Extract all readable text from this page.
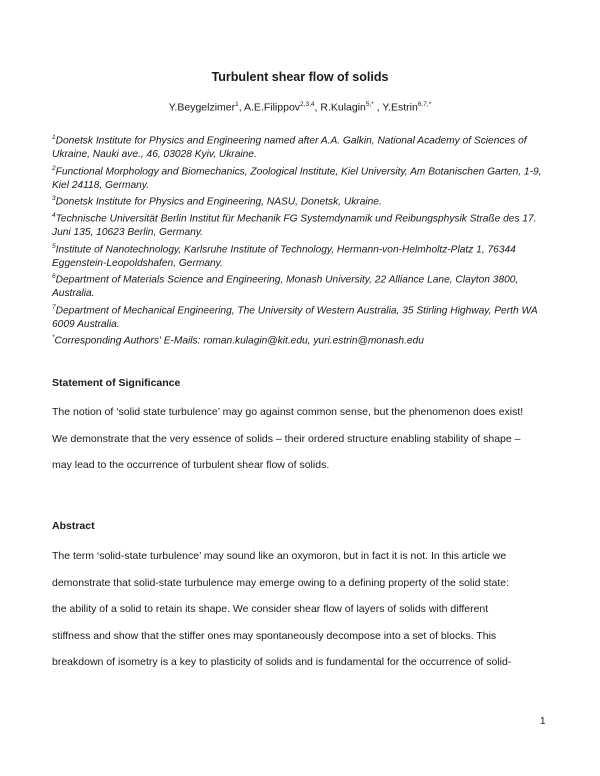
Turbulent shear flow of solids
Y.Beygelzimer$^1$, A.E.Filippov$^{2,3,4}$, R.Kulagin$^{5,*}$ , Y.Estrin$^{6,7,*}$

$^1$Donetsk Institute for Physics and Engineering named after A.A. Galkin, National Academy of Sciences of Ukraine, Nauki ave., 46, 03028 Kyiv, Ukraine.

$^2$Functional Morphology and Biomechanics, Zoological Institute, Kiel University, Am Botanischen Garten, 1-9, Kiel 24118, Germany.

$^3$Donetsk Institute for Physics and Engineering, NASU, Donetsk, Ukraine.

$^4$Technische Universität Berlin Institut für Mechanik FG Systemdynamik und Reibungsphysik Straße des 17. Juni 135, 10623 Berlin, Germany.

$^5$Institute of Nanotechnology, Karlsruhe Institute of Technology, Hermann-von-Helmholtz-Platz 1, 76344 Eggenstein-Leopoldshafen, Germany.

$^6$Department of Materials Science and Engineering, Monash University, 22 Alliance Lane, Clayton 3800, Australia.

$^7$Department of Mechanical Engineering, The University of Western Australia, 35 Stirling Highway, Perth WA 6009 Australia.

*Corresponding Authors' E-Mails: roman.kulagin@kit.edu, yuri.estrin@monash.edu

Statement of Significance
The notion of ‘solid state turbulence’ may go against common sense, but the phenomenon does exist!
We demonstrate that the very essence of solids – their ordered structure enabling stability of shape –
may lead to the occurrence of turbulent shear flow of solids.
Abstract
The term ‘solid-state turbulence’ may sound like an oxymoron, but in fact it is not. In this article we
demonstrate that solid-state turbulence may emerge owing to a defining property of the solid state:
the ability of a solid to retain its shape. We consider shear flow of layers of solids with different
stiffness and show that the stiffer ones may spontaneously decompose into a set of blocks. This
breakdown of isometry is a key to plasticity of solids and is fundamental for the occurrence of solid-
1
